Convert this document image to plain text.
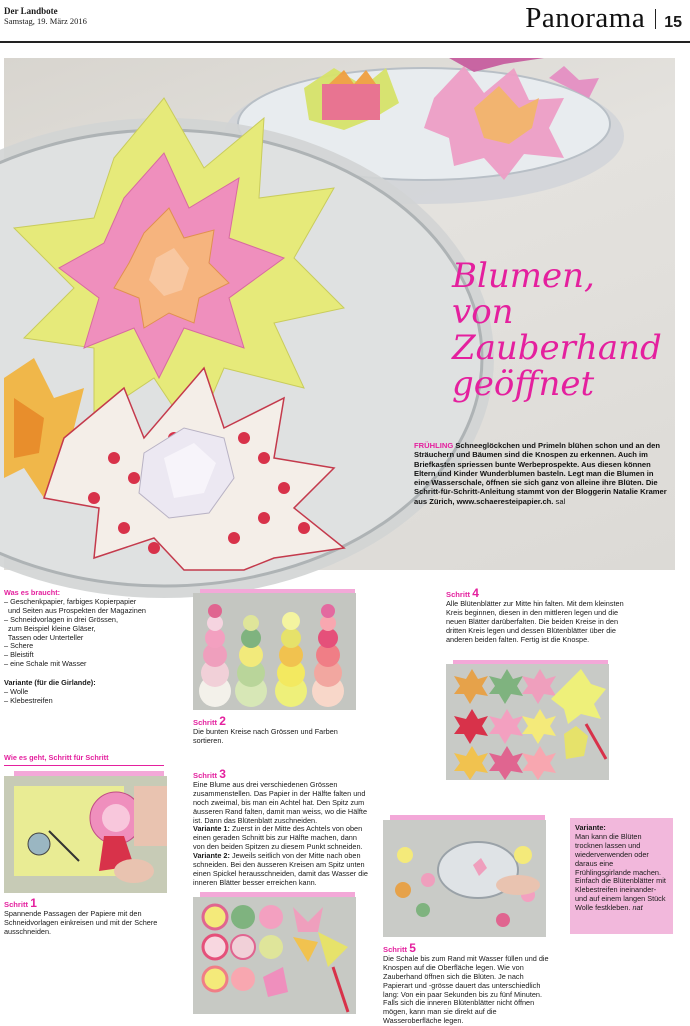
Der Landbote
Samstag, 19. März 2016	Panorama 15
Blumen,
von
Zauberhand
geöffnet
FRÜHLING Schneeglöckchen und Primeln blühen schon und an den Sträuchern und Bäumen sind die Knospen zu erkennen. Auch im Briefkasten spriessen bunte Werbeprospekte. Aus diesen können Eltern und Kinder Wunderblumen basteln. Legt man die Blumen in eine Wasserschale, öffnen sie sich ganz von alleine ihre Blüten. Die Schritt-für-Schritt-Anleitung stammt von der Bloggerin Natalie Kramer aus Zürich, www.schaeresteipapier.ch. sal
Was es braucht:
– Geschenkpapier, farbiges Kopierpapier
und Seiten aus Prospekten der Magazinen
– Schneidvorlagen in drei Grössen,
zum Beispiel kleine Gläser,
Tassen oder Unterteller
– Schere
– Bleistift
– eine Schale mit Wasser
Variante (für die Girlande):
– Wolle
– Klebestreifen
Wie es geht, Schritt für Schritt
Schritt 1
Spannende Passagen der Papiere mit den Schneidvorlagen einkreisen und mit der Schere ausschneiden.
Schritt 2
Die bunten Kreise nach Grössen und Farben sortieren.
Schritt 3
Eine Blume aus drei verschiedenen Grössen zusammenstellen. Das Papier in der Hälfte falten und noch zweimal, bis man ein Achtel hat. Den Spitz zum äusseren Rand falten, damit man weiss, wo die Hälfte ist. Dann das Blütenblatt zuschneiden.
Variante 1: Zuerst in der Mitte des Achtels von oben einen geraden Schnitt bis zur Hälfte machen, dann von den beiden Spitzen zu diesem Punkt schneiden.
Variante 2: Jeweils seitlich von der Mitte nach oben schneiden. Bei den äusseren Kreisen am Spitz unten einen Spickel herausschneiden, damit das Wasser die inneren Blätter besser erreichen kann.
Schritt 4
Alle Blütenblätter zur Mitte hin falten. Mit dem kleinsten Kreis beginnen, diesen in den mittleren legen und die neuen Blätter darüberfalten. Die beiden Kreise in den dritten Kreis legen und dessen Blütenblätter über die anderen beiden falten. Fertig ist die Knospe.
Schritt 5
Die Schale bis zum Rand mit Wasser füllen und die Knospen auf die Oberfläche legen. Wie von Zauberhand öffnen sich die Blüten. Je nach Papierart und -grösse dauert das unterschiedlich lang: Von ein paar Sekunden bis zu fünf Minuten. Falls sich die inneren Blütenblätter nicht öffnen mögen, kann man sie direkt auf die Wasseroberfläche legen.
Variante:
Man kann die Blüten trocknen lassen und wiederverwenden oder daraus eine Frühlingsgirlande machen. Einfach die Blütenblätter mit Klebestreifen ineinander- und auf einem langen Stück Wolle festkleben. nat
